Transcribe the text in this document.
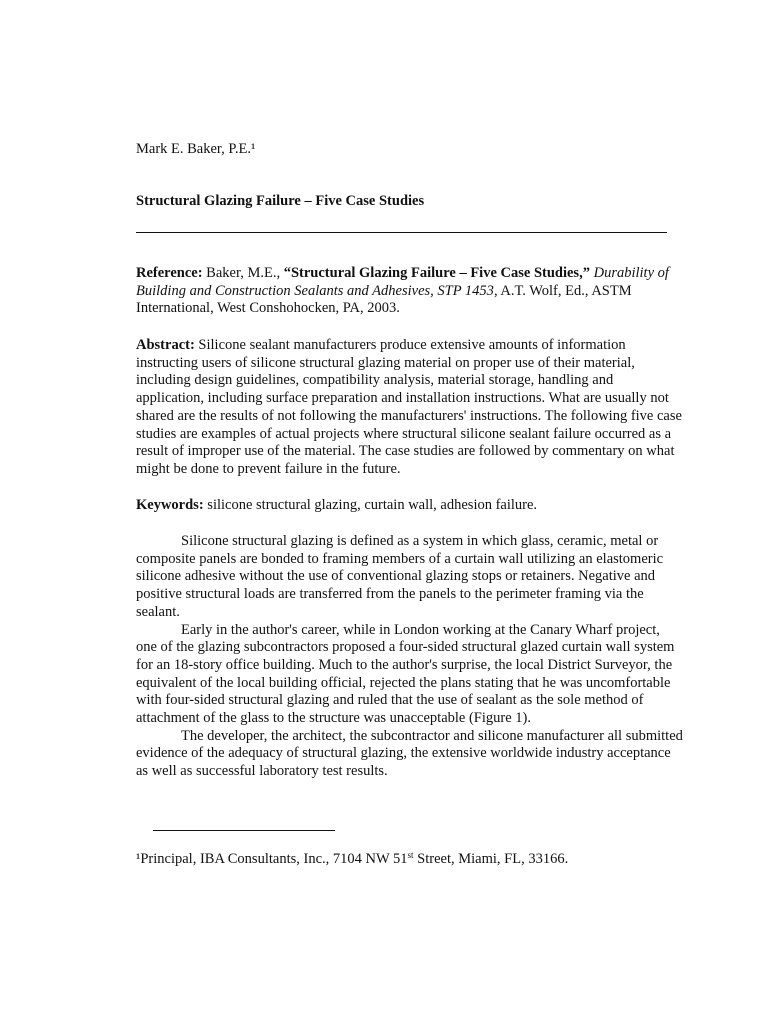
Mark E. Baker, P.E.¹

Structural Glazing Failure – Five Case Studies

Reference: Baker, M.E., “Structural Glazing Failure – Five Case Studies,” Durability of Building and Construction Sealants and Adhesives, STP 1453, A.T. Wolf, Ed., ASTM International, West Conshohocken, PA, 2003.

Abstract: Silicone sealant manufacturers produce extensive amounts of information instructing users of silicone structural glazing material on proper use of their material, including design guidelines, compatibility analysis, material storage, handling and application, including surface preparation and installation instructions. What are usually not shared are the results of not following the manufacturers' instructions. The following five case studies are examples of actual projects where structural silicone sealant failure occurred as a result of improper use of the material. The case studies are followed by commentary on what might be done to prevent failure in the future.

Keywords: silicone structural glazing, curtain wall, adhesion failure.

Silicone structural glazing is defined as a system in which glass, ceramic, metal or composite panels are bonded to framing members of a curtain wall utilizing an elastomeric silicone adhesive without the use of conventional glazing stops or retainers. Negative and positive structural loads are transferred from the panels to the perimeter framing via the sealant.

Early in the author's career, while in London working at the Canary Wharf project, one of the glazing subcontractors proposed a four-sided structural glazed curtain wall system for an 18-story office building. Much to the author's surprise, the local District Surveyor, the equivalent of the local building official, rejected the plans stating that he was uncomfortable with four-sided structural glazing and ruled that the use of sealant as the sole method of attachment of the glass to the structure was unacceptable (Figure 1).

The developer, the architect, the subcontractor and silicone manufacturer all submitted evidence of the adequacy of structural glazing, the extensive worldwide industry acceptance as well as successful laboratory test results.

¹Principal, IBA Consultants, Inc., 7104 NW 51st Street, Miami, FL, 33166.
